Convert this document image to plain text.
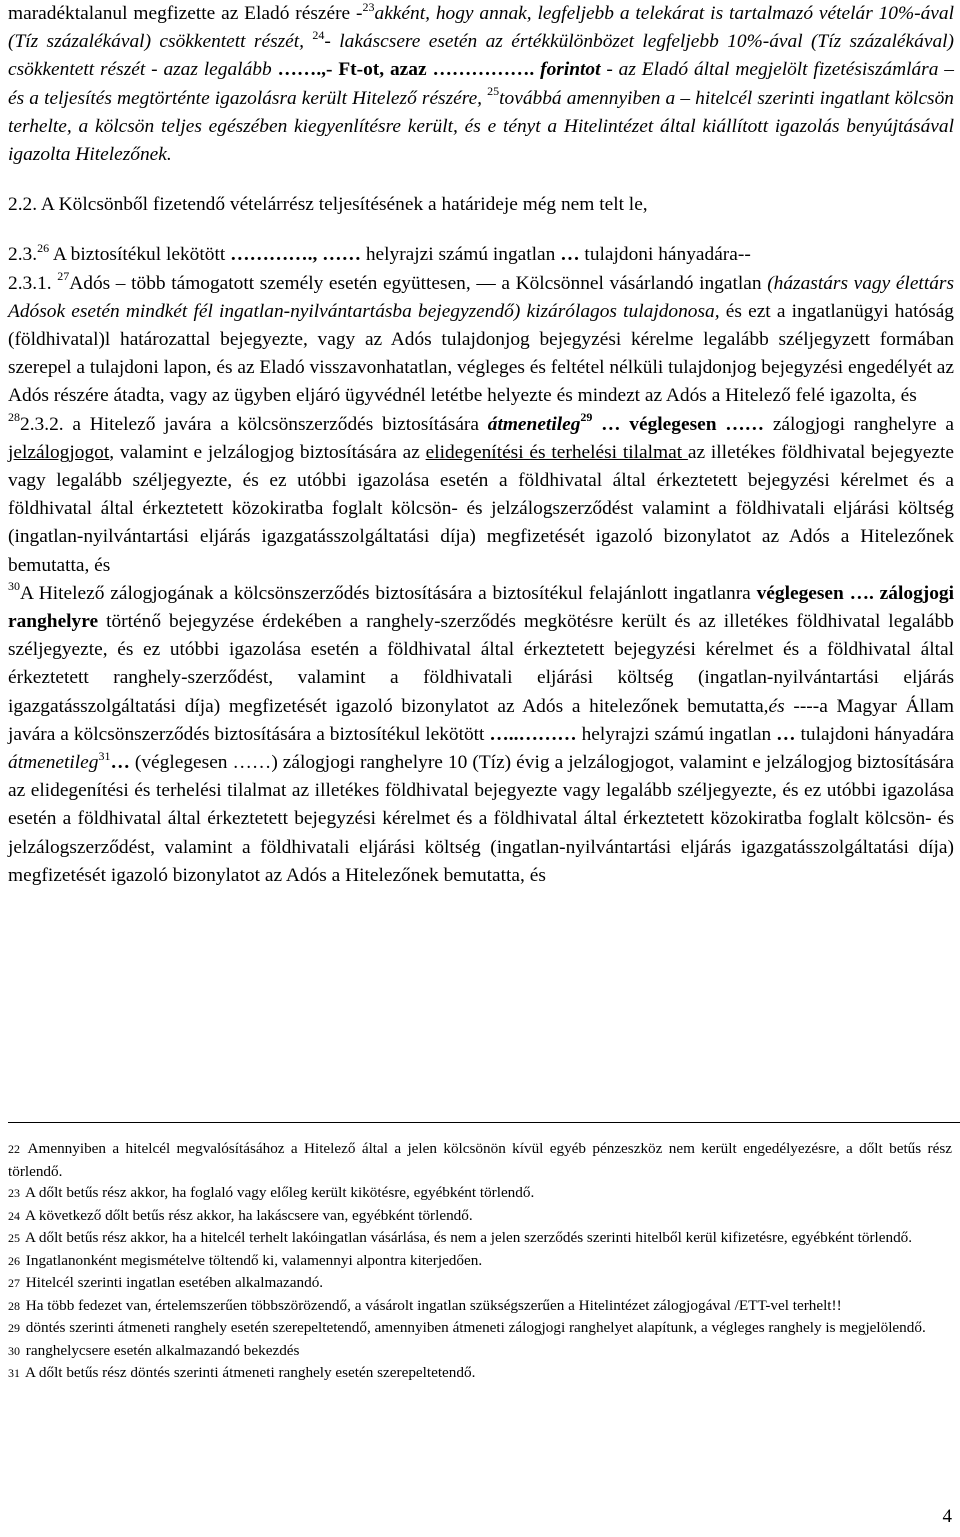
maradéktalanul megfizette az Eladó részére -$^{23}$akként, hogy annak, legfeljebb a telekárat is tartalmazó vételár 10%-ával (Tíz százalékával) csökkentett részét, $^{24}$- lakáscsere esetén az értékkülönbözet legfeljebb 10%-ával (Tíz százalékával) csökkentett részét - azaz legalább …….,- Ft-ot, azaz ……………. forintot - az Eladó által megjelölt fizetésiszámlára – és a teljesítés megtörténte igazolásra került Hitelező részére, $^{25}$továbbá amennyiben a – hitelcél szerinti ingatlant kölcsön terhelte, a kölcsön teljes egészében kiegyenlítésre került, és e tényt a Hitelintézet által kiállított igazolás benyújtásával igazolta Hitelezőnek.

2.2. A Kölcsönből fizetendő vételárrész teljesítésének a határideje még nem telt le,

2.3.26 A biztosítékul lekötött …………., …… helyrajzi számú ingatlan … tulajdoni hányadára--

2.3.1. $^{27}$Adós – több támogatott személy esetén együttesen, — a Kölcsönnel vásárlandó ingatlan (házastárs vagy élettárs Adósok esetén mindkét fél ingatlan-nyilvántartásba bejegyzendő) kizárólagos tulajdonosa, és ezt a ingatlanügyi hatóság (földhivatal)l határozattal bejegyezte, vagy az Adós tulajdonjog bejegyzési kérelme legalább széljegyzett formában szerepel a tulajdoni lapon, és az Eladó visszavonhatatlan, végleges és feltétel nélküli tulajdonjog bejegyzési engedélyét az Adós részére átadta, vagy az ügyben eljáró ügyvédnél letétbe helyezte és mindezt az Adós a Hitelező felé igazolta, és

$^{28}$2.3.2. a Hitelező javára a kölcsönszerződés biztosítására átmenetileg$^{29}$ … véglegesen …… zálogjogi ranghelyre a jelzálogjogot, valamint e jelzálogjog biztosítására az elidegenítési és terhelési tilalmat az illetékes földhivatal bejegyezte vagy legalább széljegyezte, és ez utóbbi igazolása esetén a földhivatal által érkeztetett bejegyzési kérelmet és a földhivatal által érkeztetett közokiratba foglalt kölcsön- és jelzálogszerződést valamint a földhivatali eljárási költség (ingatlan-nyilvántartási eljárás igazgatásszolgáltatási díja) megfizetését igazoló bizonylatot az Adós a Hitelezőnek bemutatta, és

$^{30}$A Hitelező zálogjogának a kölcsönszerződés biztosítására a biztosítékul felajánlott ingatlanra véglegesen …. zálogjogi ranghelyre történő bejegyzése érdekében a ranghely-szerződés megkötésre került és az illetékes földhivatal legalább széljegyezte, és ez utóbbi igazolása esetén a földhivatal által érkeztetett bejegyzési kérelmet és a földhivatal által érkeztetett ranghely-szerződést, valamint a földhivatali eljárási költség (ingatlan-nyilvántartási eljárás igazgatásszolgáltatási díja) megfizetését igazoló bizonylatot az Adós a hitelezőnek bemutatta,és ----a Magyar Állam javára a kölcsönszerződés biztosítására a biztosítékul lekötött …..……… helyrajzi számú ingatlan … tulajdoni hányadára átmenetileg$^{31}$… (véglegesen ……) zálogjogi ranghelyre 10 (Tíz) évig a jelzálogjogot, valamint e jelzálogjog biztosítására az elidegenítési és terhelési tilalmat az illetékes földhivatal bejegyezte vagy legalább széljegyezte, és ez utóbbi igazolása esetén a földhivatal által érkeztetett bejegyzési kérelmet és a földhivatal által érkeztetett közokiratba foglalt kölcsön- és jelzálogszerződést, valamint a földhivatali eljárási költség (ingatlan-nyilvántartási eljárás igazgatásszolgáltatási díja) megfizetését igazoló bizonylatot az Adós a Hitelezőnek bemutatta, és

22 Amennyiben a hitelcél megvalósításához a Hitelező által a jelen kölcsönön kívül egyéb pénzeszköz nem került engedélyezésre, a dőlt betűs rész törlendő.

23 A dőlt betűs rész akkor, ha foglaló vagy előleg került kikötésre, egyébként törlendő.

24 A következő dőlt betűs rész akkor, ha lakáscsere van, egyébként törlendő.

25 A dőlt betűs rész akkor, ha a hitelcél terhelt lakóingatlan vásárlása, és nem a jelen szerződés szerinti hitelből kerül kifizetésre, egyébként törlendő.

26 Ingatlanonként megismételve töltendő ki, valamennyi alpontra kiterjedően.

27 Hitelcél szerinti ingatlan esetében alkalmazandó.

28 Ha több fedezet van, értelemszerűen többszörözendő, a vásárolt ingatlan szükségszerűen a Hitelintézet zálogjogával /ETT-vel terhelt!!

29 döntés szerinti átmeneti ranghely esetén szerepeltetendő, amennyiben átmeneti zálogjogi ranghelyet alapítunk, a végleges ranghely is megjelölendő.

30 ranghelycsere esetén alkalmazandó bekezdés

31 A dőlt betűs rész döntés szerinti átmeneti ranghely esetén szerepeltetendő.

4
